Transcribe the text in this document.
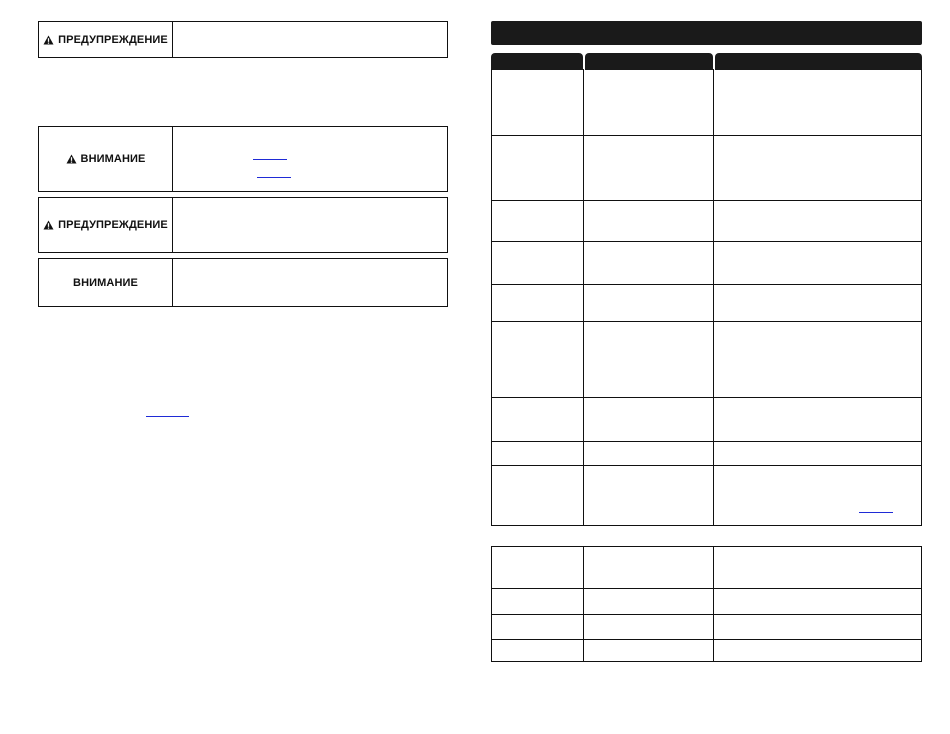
ПРЕДУПРЕЖДЕНИЕ
ВНИМАНИЕ
ПРЕДУПРЕЖДЕНИЕ
ВНИМАНИЕ
